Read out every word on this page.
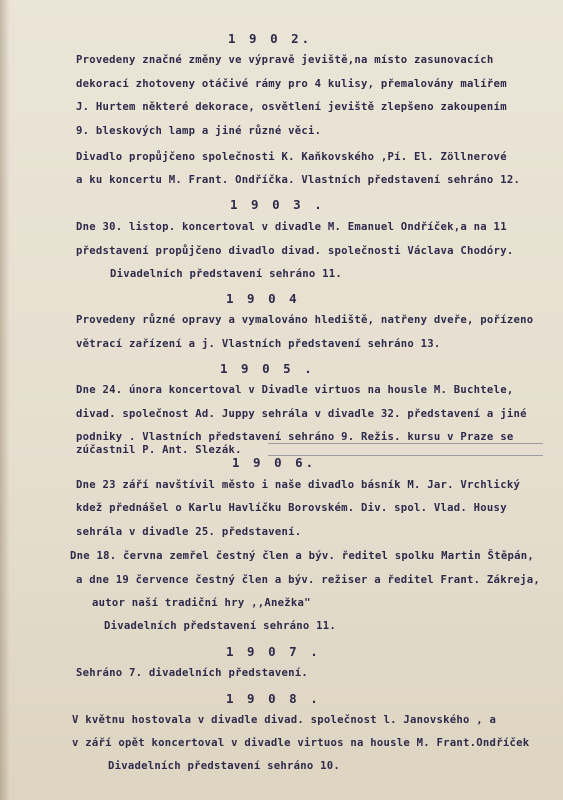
1 9 0 2.
Provedeny značné změny ve výpravě jeviště,na místo zasunovacích
dekorací zhotoveny otáčivé rámy pro 4 kulisy, přemalovány malířem
J. Hurtem některé dekorace, osvětlení jeviště zlepšeno zakoupením
9. bleskových lamp a jiné různé věci.
Divadlo propůjčeno společnosti K. Kaňkovského ,Pí. El. Zöllnerové
a ku koncertu M. Frant. Ondříčka. Vlastních představení sehráno 12.
1 9 0 3 .
Dne 30. listop. koncertoval v divadle M. Emanuel Ondříček,a na 11
představení propůjčeno divadlo divad. společnosti Václava Chodóry.
Divadelních představení sehráno 11.
1 9 0 4
Provedeny různé opravy a vymalováno hlediště, natřeny dveře, pořízeno
větrací zařízení a j. Vlastních představení sehráno 13.
1 9 0 5 .
Dne 24. února koncertoval v Divadle virtuos na housle M. Buchtele,
divad. společnost Ad. Juppy sehrála v divadle 32. představení a jiné
podniky . Vlastních představení sehráno 9. Režis. kursu v Praze se
zúčastnil P. Ant. Slezák.
1 9 0 6.
Dne 23 září navštívil město i naše divadlo básník M. Jar. Vrchlický
kdež přednášel o Karlu Havlíčku Borovském. Div. spol. Vlad. Housy
sehrála v divadle 25. představení.
Dne 18. června zemřel čestný člen a býv. ředitel spolku Martin Štěpán,
a dne 19 července čestný člen a býv. režiser a ředitel Frant. Zákreja,
autor naší tradiční hry ,,Anežka"
Divadelních představení sehráno 11.
1 9 0 7 .
Sehráno 7. divadelních představení.
1 9 0 8 .
V květnu hostovala v divadle divad. společnost l. Janovského , a
v září opět koncertoval v divadle virtuos na housle M. Frant.Ondříček
Divadelních představení sehráno 10.
